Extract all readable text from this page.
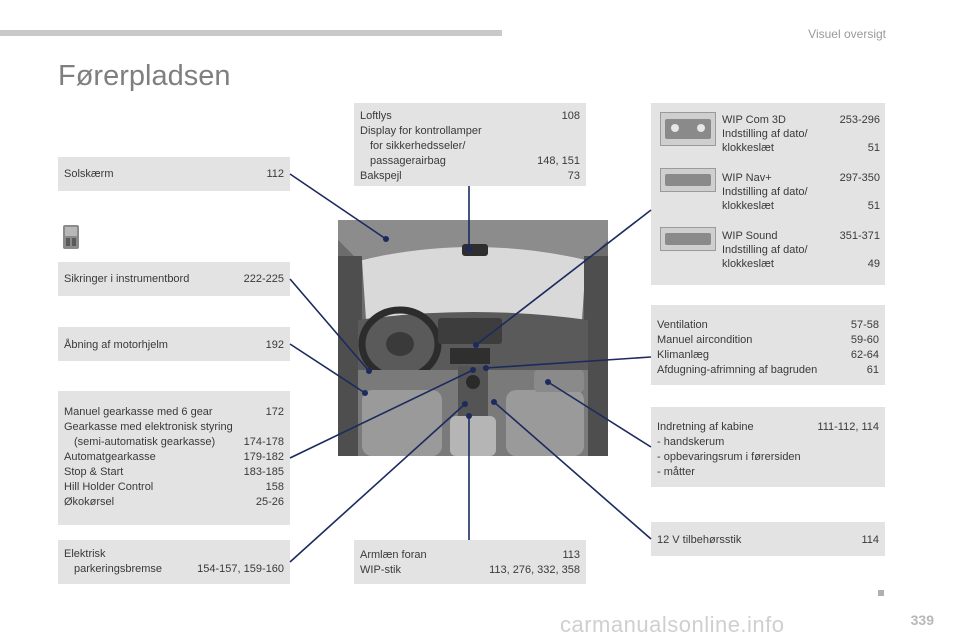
Visuel oversigt
Førerpladsen
Solskærm	112
Sikringer i instrumentbord	222-225
Åbning af motorhjelm	192
Manuel gearkasse med 6 gear	172
Gearkasse med elektronisk styring
(semi-automatisk gearkasse)	174-178
Automatgearkasse	179-182
Stop & Start	183-185
Hill Holder Control	158
Økokørsel	25-26
Elektrisk
parkeringsbremse	154-157, 159-160
Loftlys	108
Display for kontrollamper
for sikkerhedsseler/
passagerairbag	148, 151
Bakspejl	73
Armlæn foran	113
WIP-stik	113, 276, 332, 358
WIP Com 3D	253-296
Indstilling af dato/
klokkeslæt	51
WIP Nav+	297-350
Indstilling af dato/
klokkeslæt	51
WIP Sound	351-371
Indstilling af dato/
klokkeslæt	49
Ventilation	57-58
Manuel aircondition	59-60
Klimanlæg	62-64
Afdugning-afrimning af bagruden	61
Indretning af kabine	111-112, 114
- handskerum
- opbevaringsrum i førersiden
- måtter
12 V tilbehørsstik	114
carmanualsonline.info	339
